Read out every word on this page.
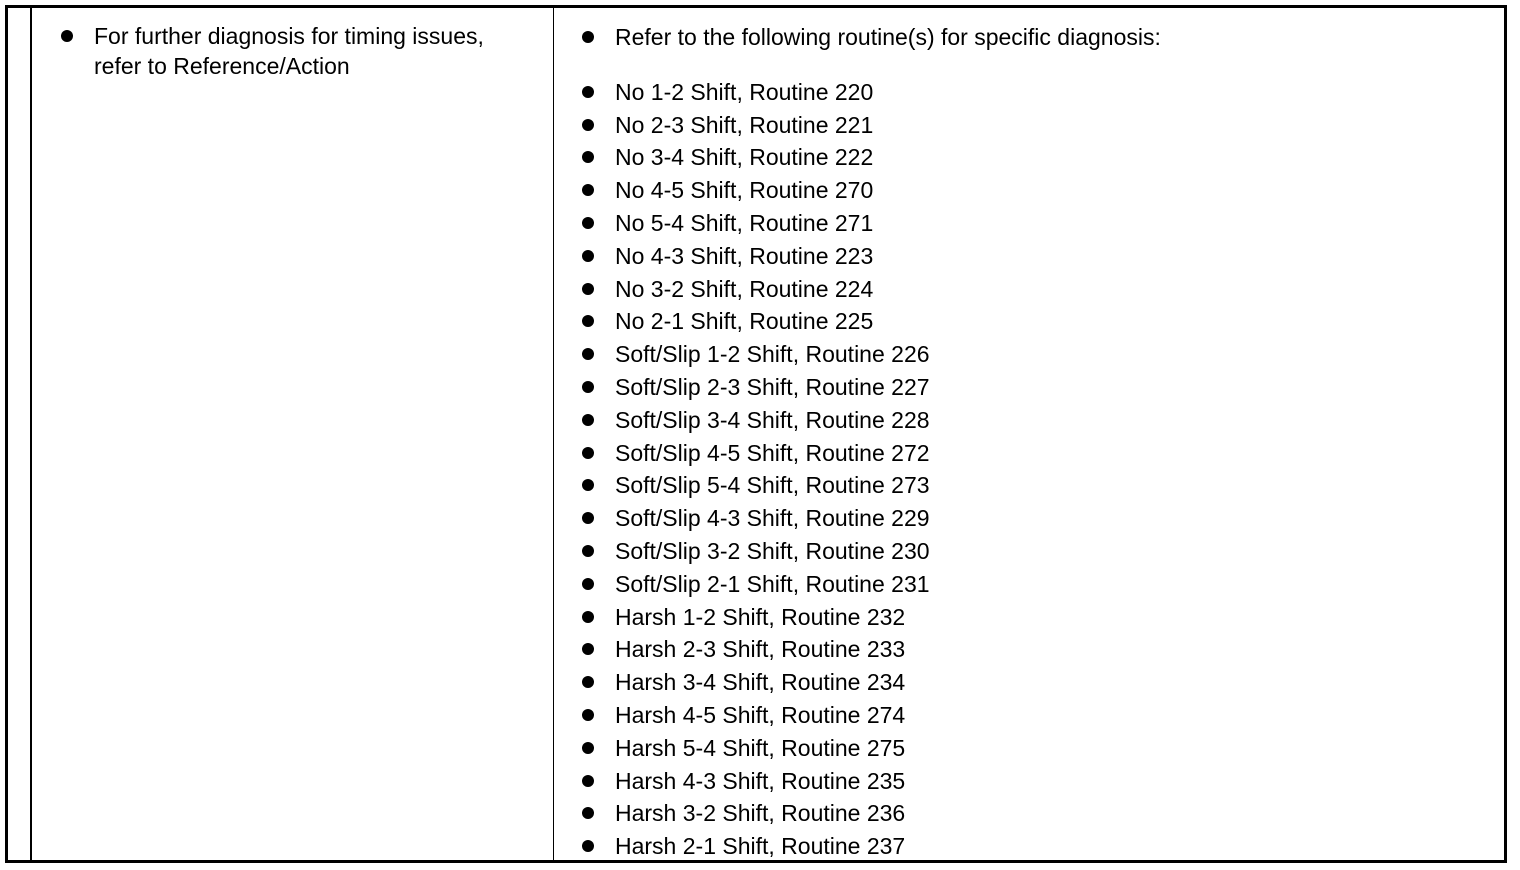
For further diagnosis for timing issues, refer to Reference/Action
Refer to the following routine(s) for specific diagnosis:
No 1-2 Shift, Routine 220
No 2-3 Shift, Routine 221
No 3-4 Shift, Routine 222
No 4-5 Shift, Routine 270
No 5-4 Shift, Routine 271
No 4-3 Shift, Routine 223
No 3-2 Shift, Routine 224
No 2-1 Shift, Routine 225
Soft/Slip 1-2 Shift, Routine 226
Soft/Slip 2-3 Shift, Routine 227
Soft/Slip 3-4 Shift, Routine 228
Soft/Slip 4-5 Shift, Routine 272
Soft/Slip 5-4 Shift, Routine 273
Soft/Slip 4-3 Shift, Routine 229
Soft/Slip 3-2 Shift, Routine 230
Soft/Slip 2-1 Shift, Routine 231
Harsh 1-2 Shift, Routine 232
Harsh 2-3 Shift, Routine 233
Harsh 3-4 Shift, Routine 234
Harsh 4-5 Shift, Routine 274
Harsh 5-4 Shift, Routine 275
Harsh 4-3 Shift, Routine 235
Harsh 3-2 Shift, Routine 236
Harsh 2-1 Shift, Routine 237
